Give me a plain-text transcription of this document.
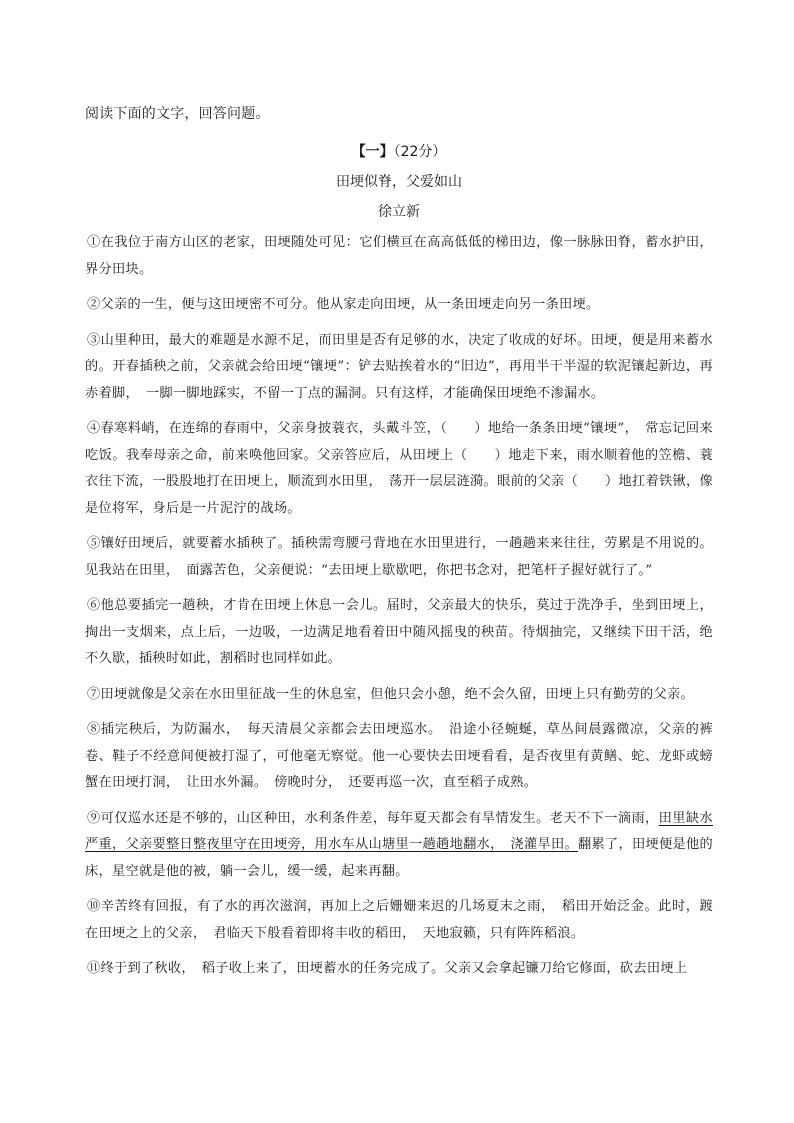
阅读下面的文字，回答问题。

【一】（22分）

田埂似脊，父爱如山

徐立新

①在我位于南方山区的老家，田埂随处可见：它们横亘在高高低低的梯田边，像一脉脉田脊，蓄水护田，界分田块。

②父亲的一生，便与这田埂密不可分。他从家走向田埂，从一条田埂走向另一条田埂。

③山里种田，最大的难题是水源不足，而田里是否有足够的水，决定了收成的好坏。田埂，便是用来蓄水的。开春插秧之前，父亲就会给田埂“镶埂”：铲去贴挨着水的“旧边”，再用半干半湿的软泥镶起新边，再赤着脚，　一脚一脚地踩实，不留一丁点的漏洞。只有这样，才能确保田埂绝不渗漏水。

④春寒料峭，在连绵的春雨中，父亲身披蓑衣，头戴斗笠，（　　）地给一条条田埂“镶埂”，　常忘记回来吃饭。我奉母亲之命，前来唤他回家。父亲答应后，从田埂上（　　）地走下来，雨水顺着他的笠檐、蓑衣往下流，一股股地打在田埂上，顺流到水田里，　荡开一层层涟漪。眼前的父亲（　　）地扛着铁锹，像是位将军，身后是一片泥泞的战场。

⑤镶好田埂后，就要蓄水插秧了。插秧需弯腰弓背地在水田里进行，一趟趟来来往往，劳累是不用说的。见我站在田里，　面露苦色，父亲便说：“去田埂上歇歇吧，你把书念对，把笔杆子握好就行了。”

⑥他总要插完一趟秧，才肯在田埂上休息一会儿。届时，父亲最大的快乐，莫过于洗净手，坐到田埂上，掏出一支烟来，点上后，一边吸，一边满足地看着田中随风摇曳的秧苗。待烟抽完，又继续下田干活，绝不久歇，插秧时如此，割稻时也同样如此。

⑦田埂就像是父亲在水田里征战一生的休息室，但他只会小憩，绝不会久留，田埂上只有勤劳的父亲。

⑧插完秧后，为防漏水，　每天清晨父亲都会去田埂巡水。　沿途小径蜿蜒，草丛间晨露微凉，父亲的裤卷、鞋子不经意间便被打湿了，可他毫无察觉。他一心要快去田埂看看，是否夜里有黄鳝、蛇、龙虾或螃蟹在田埂打洞，　让田水外漏。　傍晚时分，　还要再巡一次，直至稻子成熟。

⑨可仅巡水还是不够的，山区种田，水利条件差，每年夏天都会有旱情发生。老天不下一滴雨，田里缺水严重，父亲要整日整夜里守在田埂旁，用水车从山塘里一趟趟地翻水，　浇灌旱田。翻累了，田埂便是他的床，星空就是他的被，躺一会儿，缓一缓，起来再翻。

⑩辛苦终有回报，有了水的再次滋润，再加上之后姗姗来迟的几场夏末之雨，　稻田开始泛金。此时，踱在田埂之上的父亲，　君临天下般看着即将丰收的稻田，　天地寂籁，只有阵阵稻浪。

⑪终于到了秋收，　稻子收上来了，田埂蓄水的任务完成了。父亲又会拿起镰刀给它修面，砍去田埂上
